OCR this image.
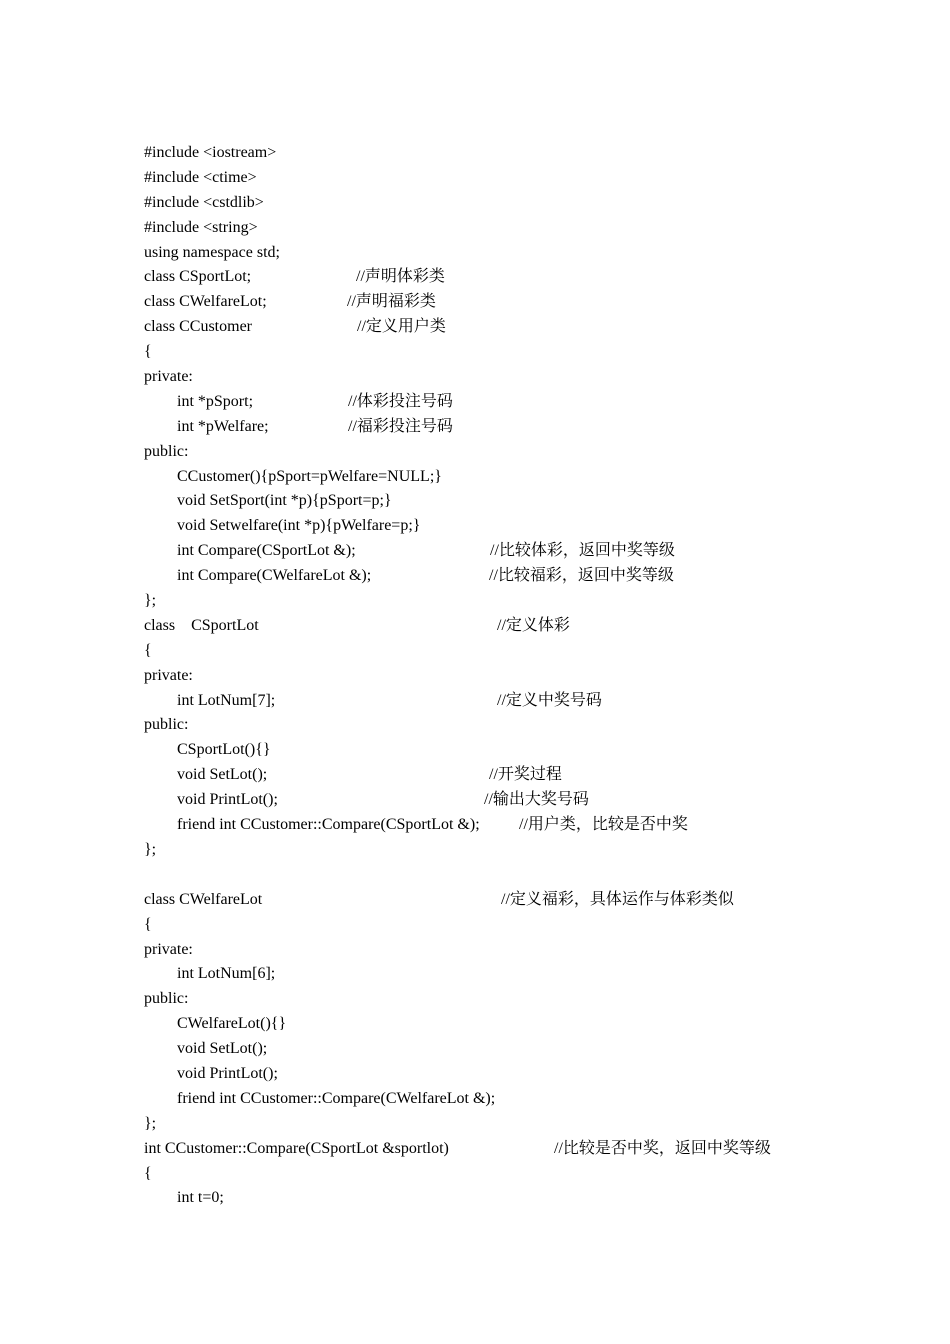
#include <iostream>
#include <ctime>
#include <cstdlib>
#include <string>
using namespace std;
class CSportLot;	//声明体彩类
class CWelfareLot;	//声明福彩类
class CCustomer	//定义用户类
{
private:
int *pSport;	//体彩投注号码
int *pWelfare;	//福彩投注号码
public:
CCustomer(){pSport=pWelfare=NULL;}
void SetSport(int *p){pSport=p;}
void Setwelfare(int *p){pWelfare=p;}
int Compare(CSportLot &);	//比较体彩，返回中奖等级
int Compare(CWelfareLot &);	//比较福彩，返回中奖等级
};
class    CSportLot	//定义体彩
{
private:
int LotNum[7];	//定义中奖号码
public:
CSportLot(){}
void SetLot();	//开奖过程
void PrintLot();	//输出大奖号码
friend int CCustomer::Compare(CSportLot &); //用户类，比较是否中奖
};
class CWelfareLot	//定义福彩，具体运作与体彩类似
{
private:
int LotNum[6];
public:
CWelfareLot(){}
void SetLot();
void PrintLot();
friend int CCustomer::Compare(CWelfareLot &);
};
int CCustomer::Compare(CSportLot &sportlot)	//比较是否中奖，返回中奖等级
{
int t=0;
